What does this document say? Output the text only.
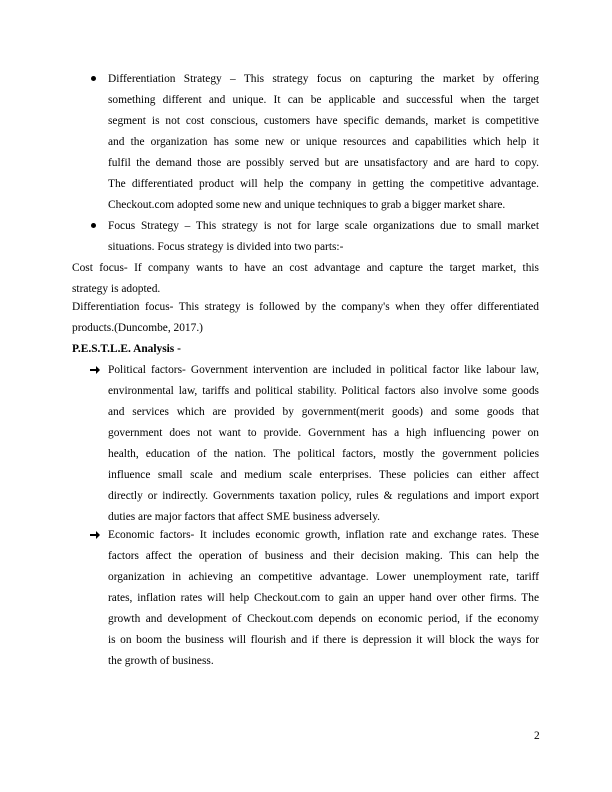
Differentiation Strategy – This strategy focus on capturing the market by offering
something different and unique. It can be applicable and successful when the target
segment is not cost conscious, customers have specific demands, market is competitive
and the organization has some new or unique resources and capabilities which help it
fulfil the demand those are possibly served but are unsatisfactory and are hard to copy.
The differentiated product will help the company in getting the competitive advantage.
Checkout.com adopted some new and unique techniques to grab a bigger market share.
Focus Strategy – This strategy is not for large scale organizations due to small market
situations. Focus strategy is divided into two parts:-
Cost focus- If company wants to have an cost advantage and capture the target market, this
strategy is adopted.
Differentiation focus- This strategy is followed by the company's when they offer differentiated
products.(Duncombe, 2017.)
P.E.S.T.L.E. Analysis -
Political factors- Government intervention are included in political factor like labour law,
environmental law, tariffs and political stability. Political factors also involve some goods
and services which are provided by government(merit goods) and some goods that
government does not want to provide. Government has a high influencing power on
health, education of the nation. The political factors, mostly the government policies
influence small scale and medium scale enterprises. These policies can either affect
directly or indirectly. Governments taxation policy, rules & regulations and import export
duties are major factors that affect SME business adversely.
Economic factors- It includes economic growth, inflation rate and exchange rates. These
factors affect the operation of business and their decision making. This can help the
organization in achieving an competitive advantage. Lower unemployment rate, tariff
rates, inflation rates will help Checkout.com to gain an upper hand over other firms. The
growth and development of Checkout.com depends on economic period, if the economy
is on boom the business will flourish and if there is depression it will block the ways for
the growth of business.
2
